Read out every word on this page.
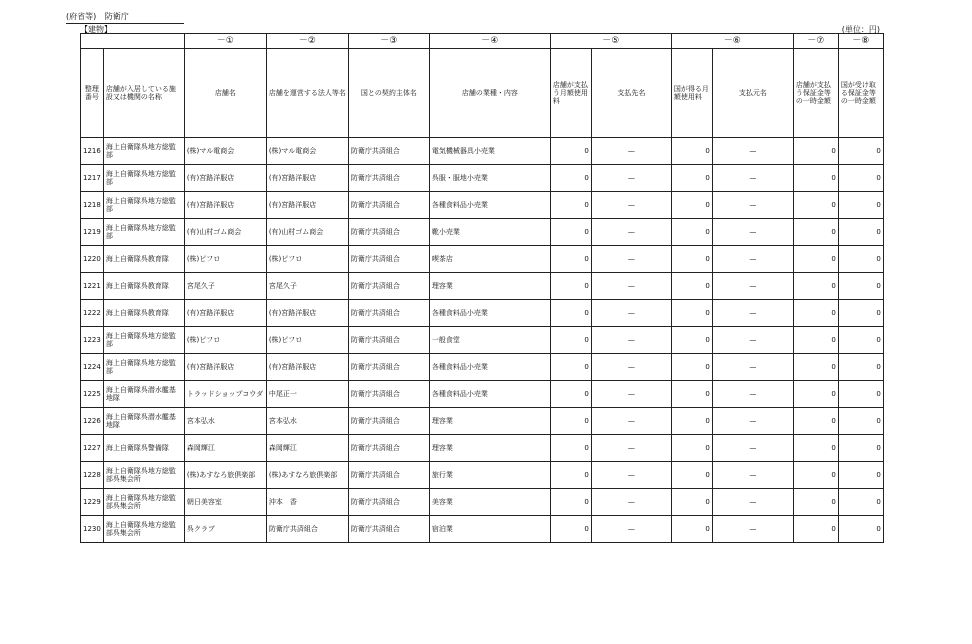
(府省等) 防衛庁
【建物】	(単位：円)
		－①	－②	－③	－④	－⑤		－⑥		－⑦	－⑧
整理番号	店舗が入居している施設又は機関の名称	店舗名	店舗を運営する法人等名	国との契約主体名	店舗の業種・内容	店舗が支払う月額使用料	支払先名	国が得る月額使用料	支払元名	店舗が支払う保証金等の一時金額	国が受け取る保証金等の一時金額
1216	海上自衛隊呉地方総監部	(株)マル電商会	(株)マル電商会	防衛庁共済組合	電気機械器具小売業	0	—	0	—	0	0
1217	海上自衛隊呉地方総監部	(有)宮路洋服店	(有)宮路洋服店	防衛庁共済組合	呉服・服地小売業	0	—	0	—	0	0
1218	海上自衛隊呉地方総監部	(有)宮路洋服店	(有)宮路洋服店	防衛庁共済組合	各種食料品小売業	0	—	0	—	0	0
1219	海上自衛隊呉地方総監部	(有)山村ゴム商会	(有)山村ゴム商会	防衛庁共済組合	靴小売業	0	—	0	—	0	0
1220	海上自衛隊呉教育隊	(株)ピフロ	(株)ピフロ	防衛庁共済組合	喫茶店	0	—	0	—	0	0
1221	海上自衛隊呉教育隊	宮尾久子	宮尾久子	防衛庁共済組合	理容業	0	—	0	—	0	0
1222	海上自衛隊呉教育隊	(有)宮路洋服店	(有)宮路洋服店	防衛庁共済組合	各種食料品小売業	0	—	0	—	0	0
1223	海上自衛隊呉地方総監部	(株)ピフロ	(株)ピフロ	防衛庁共済組合	一般食堂	0	—	0	—	0	0
1224	海上自衛隊呉地方総監部	(有)宮路洋服店	(有)宮路洋服店	防衛庁共済組合	各種食料品小売業	0	—	0	—	0	0
1225	海上自衛隊呉潜水艦基地隊	トラッドショップコウダ	中尾正一	防衛庁共済組合	各種食料品小売業	0	—	0	—	0	0
1226	海上自衛隊呉潜水艦基地隊	宮本弘水	宮本弘水	防衛庁共済組合	理容業	0	—	0	—	0	0
1227	海上自衛隊呉警備隊	森岡輝江	森岡輝江	防衛庁共済組合	理容業	0	—	0	—	0	0
1228	海上自衛隊呉地方総監部呉集会所	(株)あすなろ旅倶楽部	(株)あすなろ旅倶楽部	防衛庁共済組合	旅行業	0	—	0	—	0	0
1229	海上自衛隊呉地方総監部呉集会所	朝日美容室	沖本　香	防衛庁共済組合	美容業	0	—	0	—	0	0
1230	海上自衛隊呉地方総監部呉集会所	呉クラブ	防衛庁共済組合	防衛庁共済組合	宿泊業	0	—	0	—	0	0
